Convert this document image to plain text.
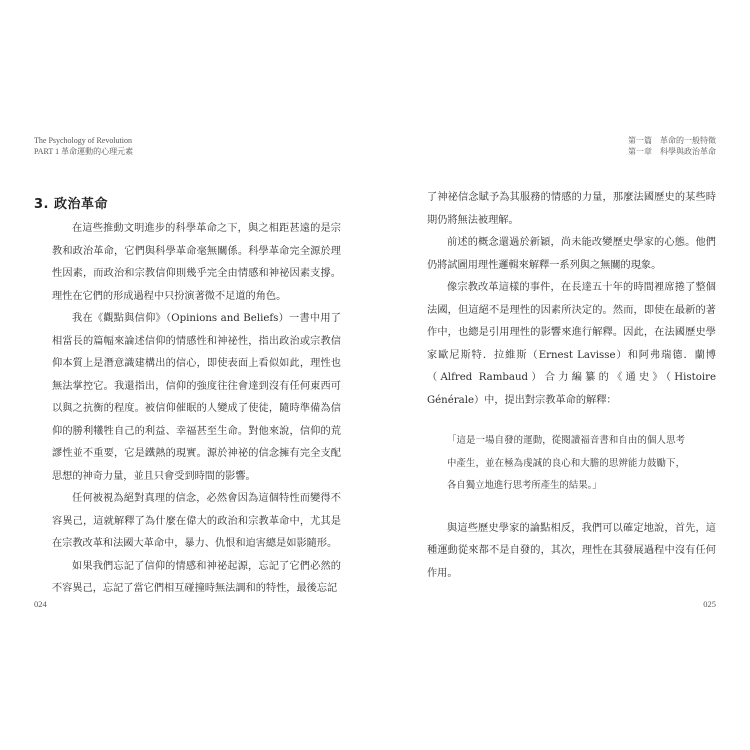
The Psychology of Revolution
PART 1 革命運動的心理元素
3. 政治革命

在這些推動文明進步的科學革命之下，與之相距甚遠的是宗教和政治革命，它們與科學革命毫無關係。科學革命完全源於理性因素，而政治和宗教信仰則幾乎完全由情感和神祕因素支撐。理性在它們的形成過程中只扮演著微不足道的角色。

我在《觀點與信仰》（Opinions and Beliefs）一書中用了相當長的篇幅來論述信仰的情感性和神祕性，指出政治或宗教信仰本質上是潛意識建構出的信心，即使表面上看似如此，理性也無法掌控它。我還指出，信仰的強度往往會達到沒有任何東西可以與之抗衡的程度。被信仰催眠的人變成了使徒，隨時準備為信仰的勝利犧牲自己的利益、幸福甚至生命。對他來說，信仰的荒謬性並不重要，它是鐵熱的現實。源於神祕的信念擁有完全支配思想的神奇力量，並且只會受到時間的影響。

任何被視為絕對真理的信念，必然會因為這個特性而變得不容異己，這就解釋了為什麼在偉大的政治和宗教革命中，尤其是在宗教改革和法國大革命中，暴力、仇恨和迫害總是如影隨形。

如果我們忘記了信仰的情感和神祕起源，忘記了它們必然的不容異己，忘記了當它們相互碰撞時無法調和的特性，最後忘記

024
第一篇　革命的一般特徵
第一章　科學與政治革命

了神祕信念賦予為其服務的情感的力量，那麼法國歷史的某些時期仍將無法被理解。

前述的概念還過於新穎，尚未能改變歷史學家的心態。他們仍將試圖用理性邏輯來解釋一系列與之無關的現象。

像宗教改革這樣的事件，在長達五十年的時間裡席捲了整個法國，但這絕不是理性的因素所決定的。然而，即使在最新的著作中，也總是引用理性的影響來進行解釋。因此，在法國歷史學家歐尼斯特．拉維斯（Ernest Lavisse）和阿弗瑞德．蘭博（Alfred Rambaud）合力編纂的《通史》（Histoire Générale）中，提出對宗教革命的解釋：

「這是一場自發的運動，從閱讀福音書和自由的個人思考中產生，並在極為虔誠的良心和大膽的思辨能力鼓勵下，各自獨立地進行思考所產生的結果。」

與這些歷史學家的論點相反，我們可以確定地說，首先，這種運動從來都不是自發的，其次，理性在其發展過程中沒有任何作用。

025
